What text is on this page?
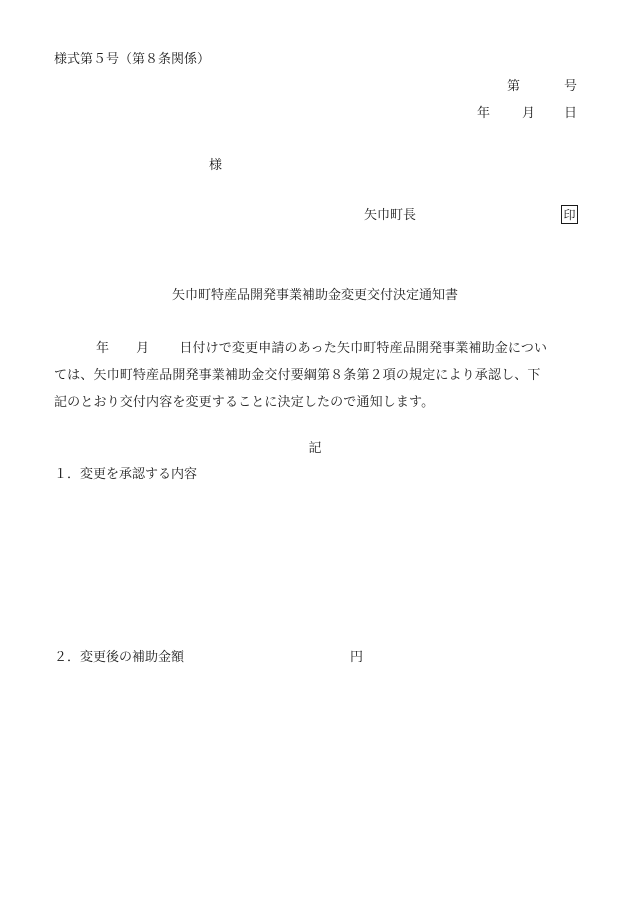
様式第５号（第８条関係）
第	号
年 月 日
様
矢巾町長	印
矢巾町特産品開発事業補助金変更交付決定通知書
年 月 日付けで変更申請のあった矢巾町特産品開発事業補助金につい
ては、矢巾町特産品開発事業補助金交付要綱第８条第２項の規定により承認し、下
記のとおり交付内容を変更することに決定したので通知します。
記
１．変更を承認する内容
２．変更後の補助金額	円
